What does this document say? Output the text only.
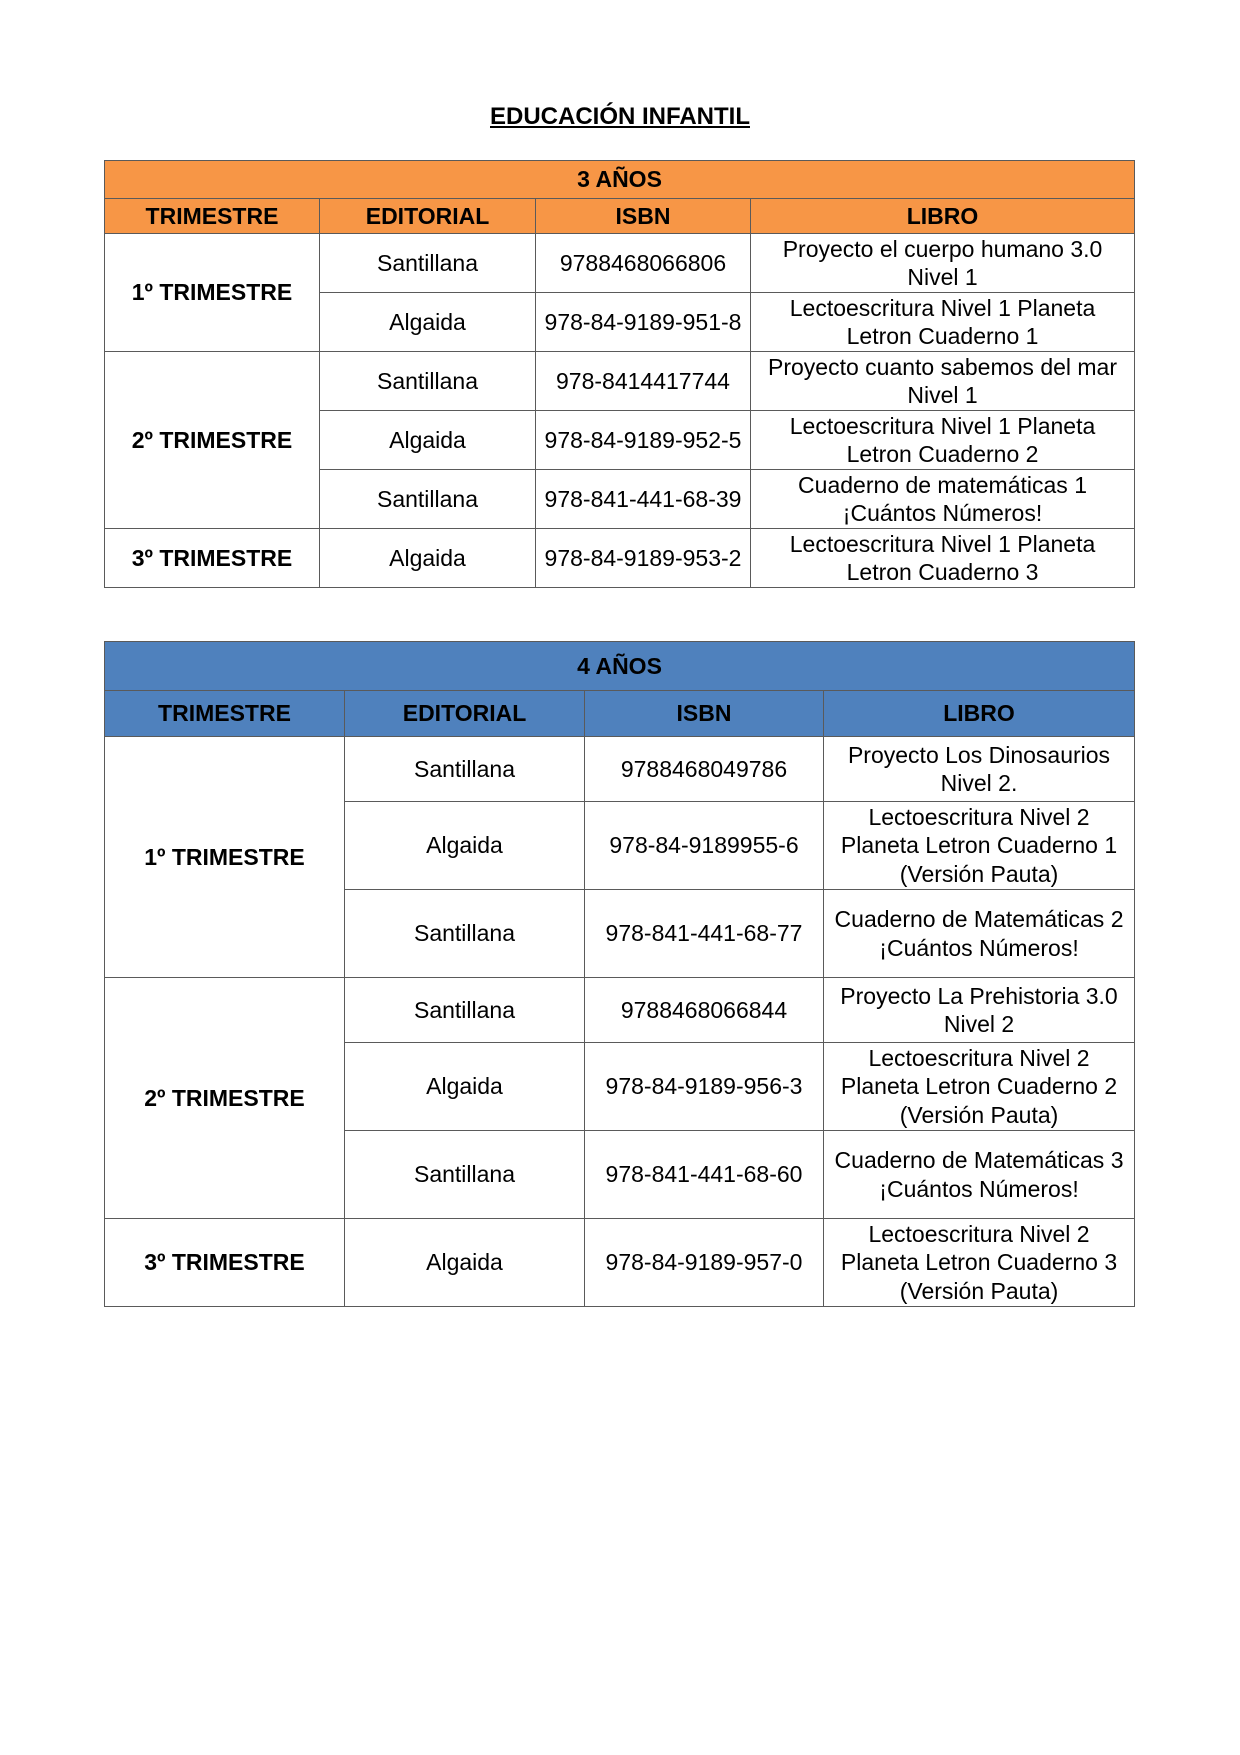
EDUCACIÓN INFANTIL
3 AÑOS			
TRIMESTRE	EDITORIAL	ISBN	LIBRO
1º TRIMESTRE	Santillana	9788468066806	Proyecto el cuerpo humano 3.0 Nivel 1
	Algaida	978-84-9189-951-8	Lectoescritura Nivel 1 Planeta Letron Cuaderno 1
2º TRIMESTRE	Santillana	978-8414417744	Proyecto cuanto sabemos del mar Nivel 1
	Algaida	978-84-9189-952-5	Lectoescritura Nivel 1 Planeta Letron Cuaderno 2
	Santillana	978-841-441-68-39	Cuaderno de matemáticas 1 ¡Cuántos Números!
3º TRIMESTRE	Algaida	978-84-9189-953-2	Lectoescritura Nivel 1 Planeta Letron Cuaderno 3
4 AÑOS			
TRIMESTRE	EDITORIAL	ISBN	LIBRO
1º TRIMESTRE	Santillana	9788468049786	Proyecto Los Dinosaurios Nivel 2.
	Algaida	978-84-9189955-6	Lectoescritura Nivel 2 Planeta Letron Cuaderno 1 (Versión Pauta)
	Santillana	978-841-441-68-77	Cuaderno de Matemáticas 2 ¡Cuántos Números!
2º TRIMESTRE	Santillana	9788468066844	Proyecto La Prehistoria 3.0 Nivel 2
	Algaida	978-84-9189-956-3	Lectoescritura Nivel 2 Planeta Letron Cuaderno 2 (Versión Pauta)
	Santillana	978-841-441-68-60	Cuaderno de Matemáticas 3 ¡Cuántos Números!
3º TRIMESTRE	Algaida	978-84-9189-957-0	Lectoescritura Nivel 2 Planeta Letron Cuaderno 3 (Versión Pauta)
